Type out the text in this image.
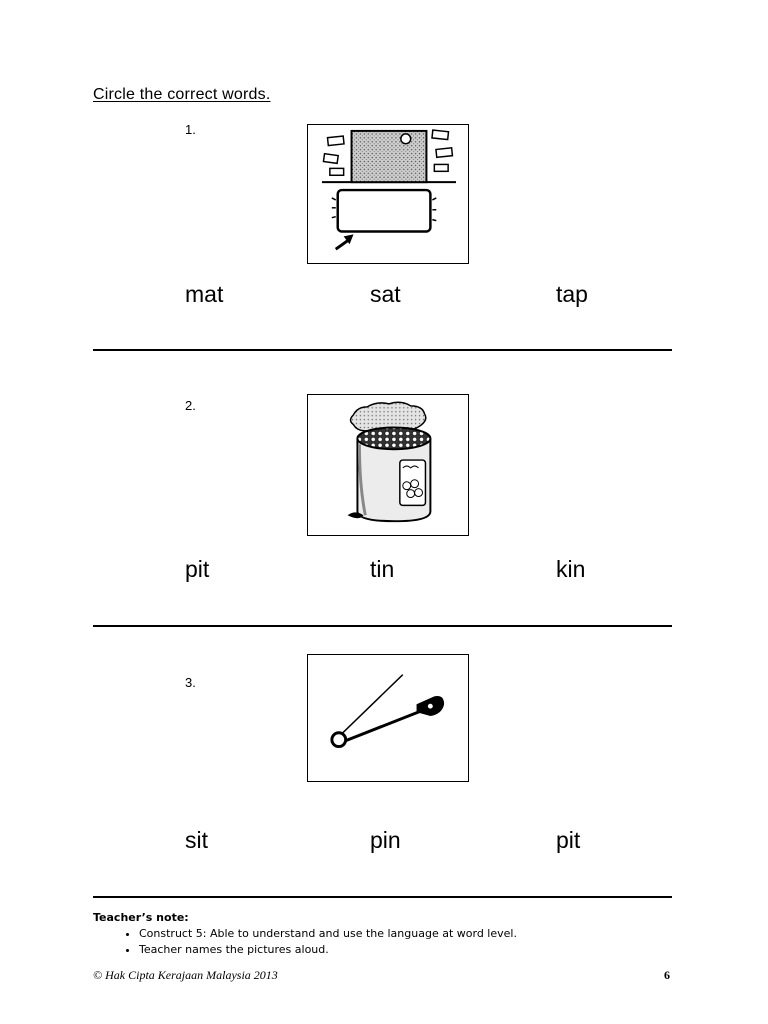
Circle the correct words.
1.
mat	sat	tap
2.
pit	tin	kin
3.
sit	pin	pit
Teacher’s note:
• Construct 5: Able to understand and use the language at word level.
• Teacher names the pictures aloud.
© Hak Cipta Kerajaan Malaysia 2013	6
